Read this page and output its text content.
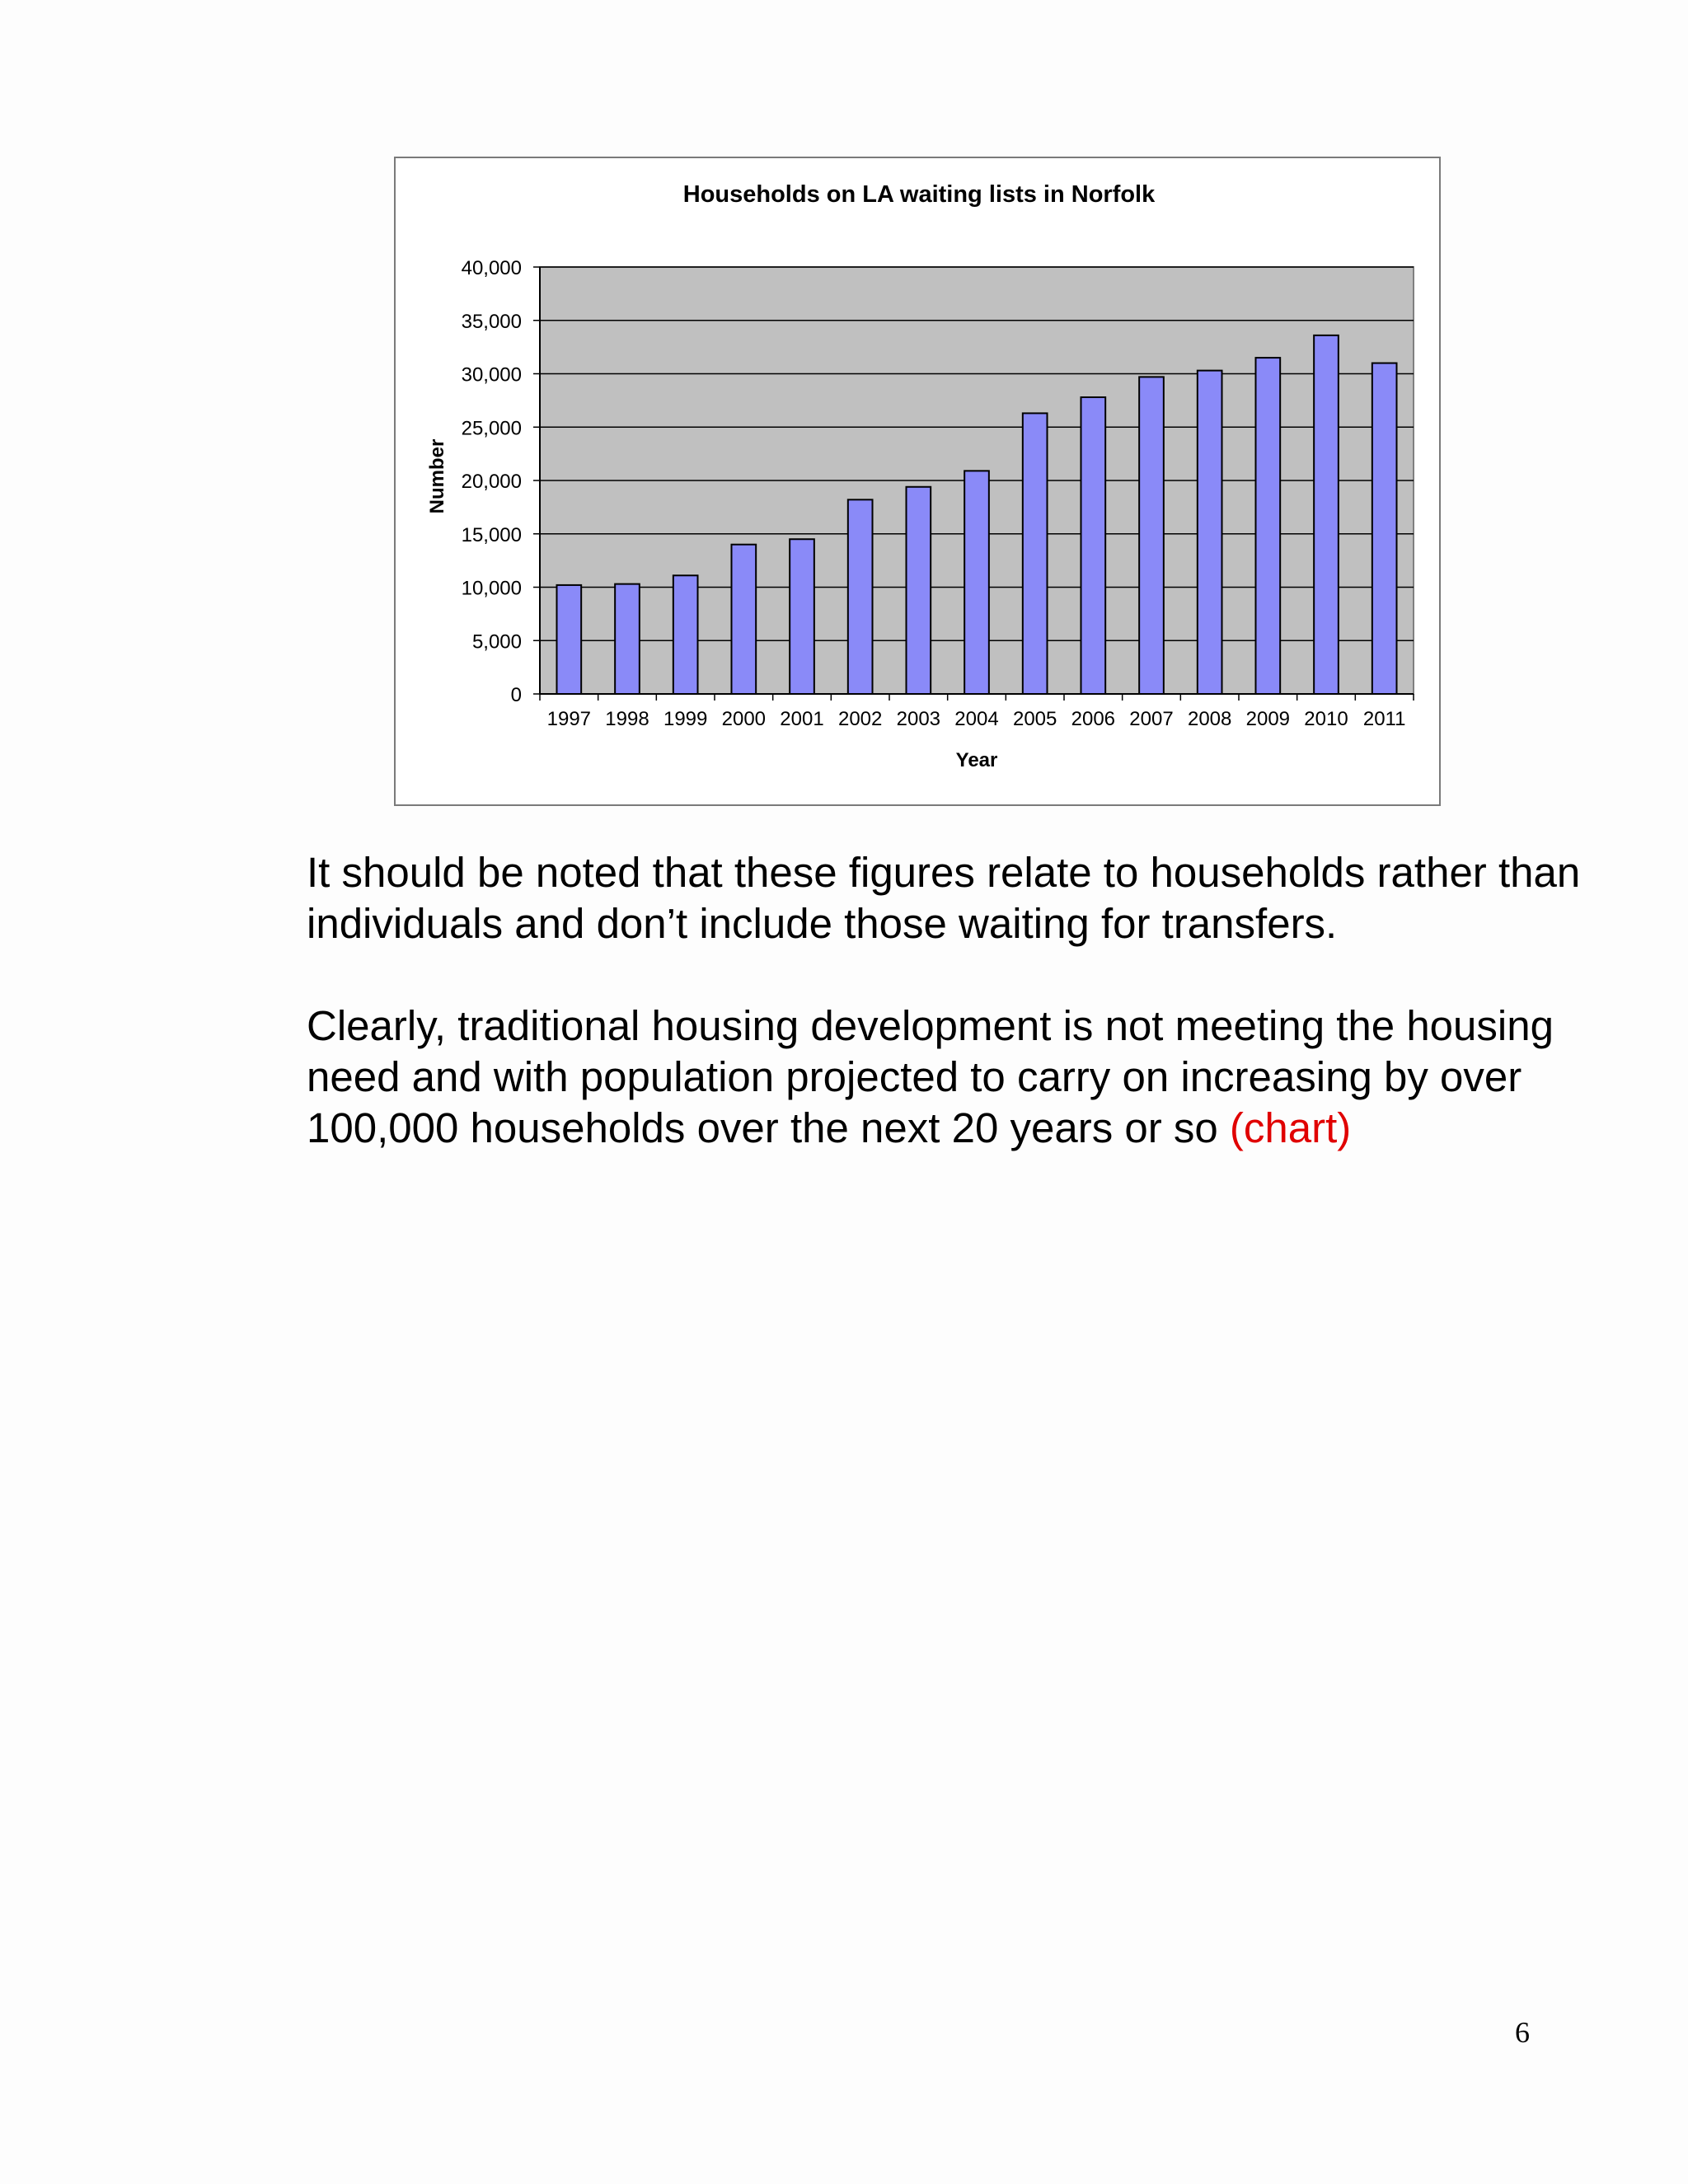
Households on LA waiting lists in Norfolk
0
5,000
10,000
15,000
20,000
25,000
30,000
35,000
40,000
1997 1998 1999 2000 2001 2002 2003 2004 2005 2006 2007 2008 2009 2010 2011
Year
Number

It should be noted that these figures relate to households rather than individuals and don’t include those waiting for transfers.

Clearly, traditional housing development is not meeting the housing need and with population projected to carry on increasing by over 100,000 households over the next 20 years or so (chart)

6
